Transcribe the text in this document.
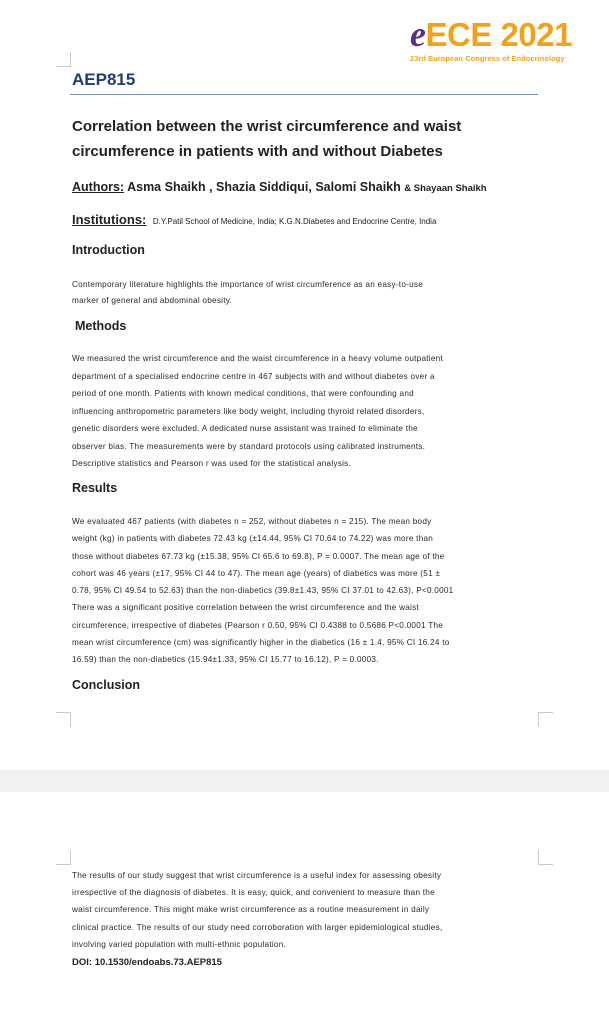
eECE 2021
23rd European Congress of Endocrinology
AEP815
Correlation between the wrist circumference and waist circumference in patients with and without Diabetes
Authors: Asma Shaikh , Shazia Siddiqui, Salomi Shaikh & Shayaan Shaikh
Institutions: D.Y.Patil School of Medicine, India; K.G.N.Diabetes and Endocrine Centre, India
Introduction
Contemporary literature highlights the importance of wrist circumference as an easy-to-use
marker of general and abdominal obesity.
Methods
We measured the wrist circumference and the waist circumference in a heavy volume outpatient
department of a specialised endocrine centre in 467 subjects with and without diabetes over a
period of one month. Patients with known medical conditions, that were confounding and
influencing anthropometric parameters like body weight, including thyroid related disorders,
genetic disorders were excluded. A dedicated nurse assistant was trained to eliminate the
observer bias. The measurements were by standard protocols using calibrated instruments.
Descriptive statistics and Pearson r was used for the statistical analysis.
Results
We evaluated 467 patients (with diabetes n = 252, without diabetes n = 215). The mean body
weight (kg) in patients with diabetes 72.43 kg (±14.44, 95% CI 70.64 to 74.22) was more than
those without diabetes 67.73 kg (±15.38, 95% CI 65.6 to 69.8), P = 0.0007. The mean age of the
cohort was 46 years (±17, 95% CI 44 to 47). The mean age (years) of diabetics was more (51 ±
0.78, 95% CI 49.54 to 52.63) than the non-diabetics (39.8±1.43, 95% CI 37.01 to 42.63), P<0.0001
There was a significant positive correlation between the wrist circumference and the waist
circumference, irrespective of diabetes (Pearson r 0.50, 95% CI 0.4388 to 0.5686 P<0.0001 The
mean wrist circumference (cm) was significantly higher in the diabetics (16 ± 1.4, 95% CI 16.24 to
16.59) than the non-diabetics (15.94±1.33, 95% CI 15.77 to 16.12), P = 0.0003.
Conclusion
The results of our study suggest that wrist circumference is a useful index for assessing obesity
irrespective of the diagnosis of diabetes. It is easy, quick, and convenient to measure than the
waist circumference. This might make wrist circumference as a routine measurement in daily
clinical practice. The results of our study need corroboration with larger epidemiological studies,
involving varied population with multi-ethnic population.
DOI: 10.1530/endoabs.73.AEP815
